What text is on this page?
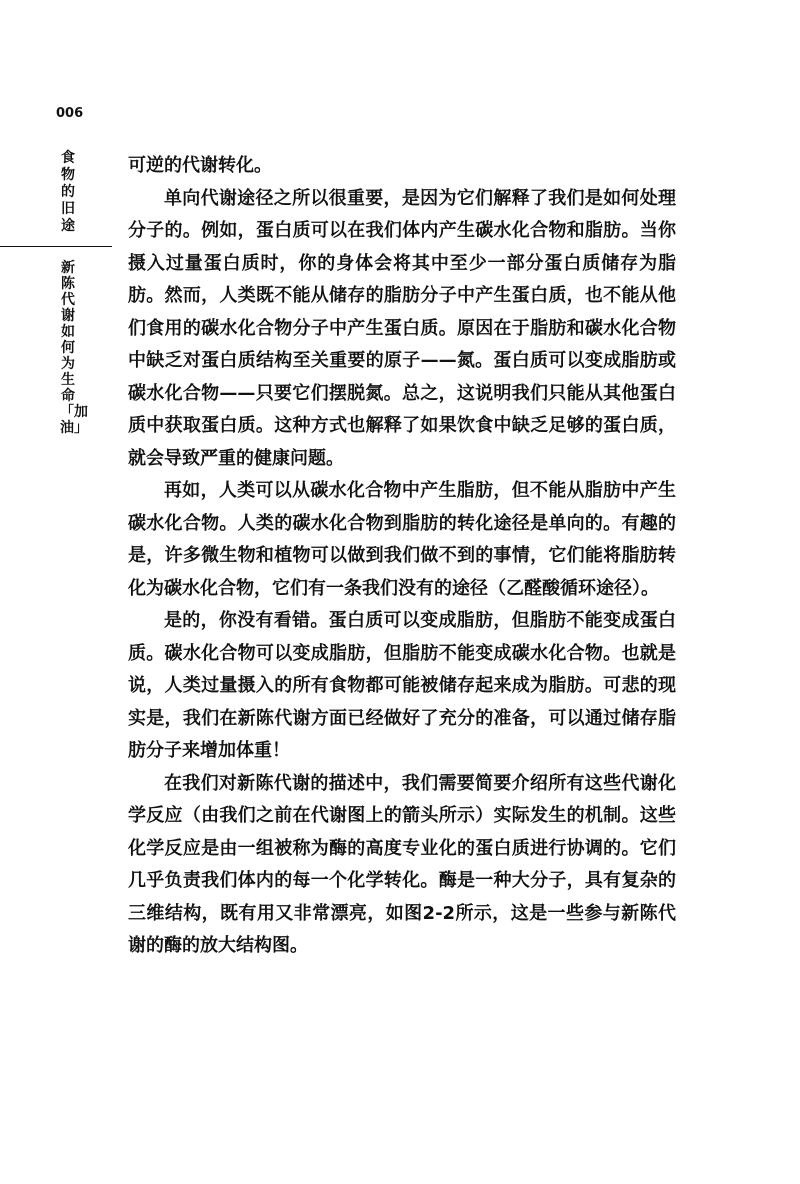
006
食物的旧途
新陈代谢如何为生命「加油」

可逆的代谢转化。

单向代谢途径之所以很重要，是因为它们解释了我们是如何处理分子的。例如，蛋白质可以在我们体内产生碳水化合物和脂肪。当你摄入过量蛋白质时，你的身体会将其中至少一部分蛋白质储存为脂肪。然而，人类既不能从储存的脂肪分子中产生蛋白质，也不能从他们食用的碳水化合物分子中产生蛋白质。原因在于脂肪和碳水化合物中缺乏对蛋白质结构至关重要的原子——氮。蛋白质可以变成脂肪或碳水化合物——只要它们摆脱氮。总之，这说明我们只能从其他蛋白质中获取蛋白质。这种方式也解释了如果饮食中缺乏足够的蛋白质，就会导致严重的健康问题。

再如，人类可以从碳水化合物中产生脂肪，但不能从脂肪中产生碳水化合物。人类的碳水化合物到脂肪的转化途径是单向的。有趣的是，许多微生物和植物可以做到我们做不到的事情，它们能将脂肪转化为碳水化合物，它们有一条我们没有的途径（乙醛酸循环途径）。

是的，你没有看错。蛋白质可以变成脂肪，但脂肪不能变成蛋白质。碳水化合物可以变成脂肪，但脂肪不能变成碳水化合物。也就是说，人类过量摄入的所有食物都可能被储存起来成为脂肪。可悲的现实是，我们在新陈代谢方面已经做好了充分的准备，可以通过储存脂肪分子来增加体重！

在我们对新陈代谢的描述中，我们需要简要介绍所有这些代谢化学反应（由我们之前在代谢图上的箭头所示）实际发生的机制。这些化学反应是由一组被称为酶的高度专业化的蛋白质进行协调的。它们几乎负责我们体内的每一个化学转化。酶是一种大分子，具有复杂的三维结构，既有用又非常漂亮，如图2-2所示，这是一些参与新陈代谢的酶的放大结构图。
